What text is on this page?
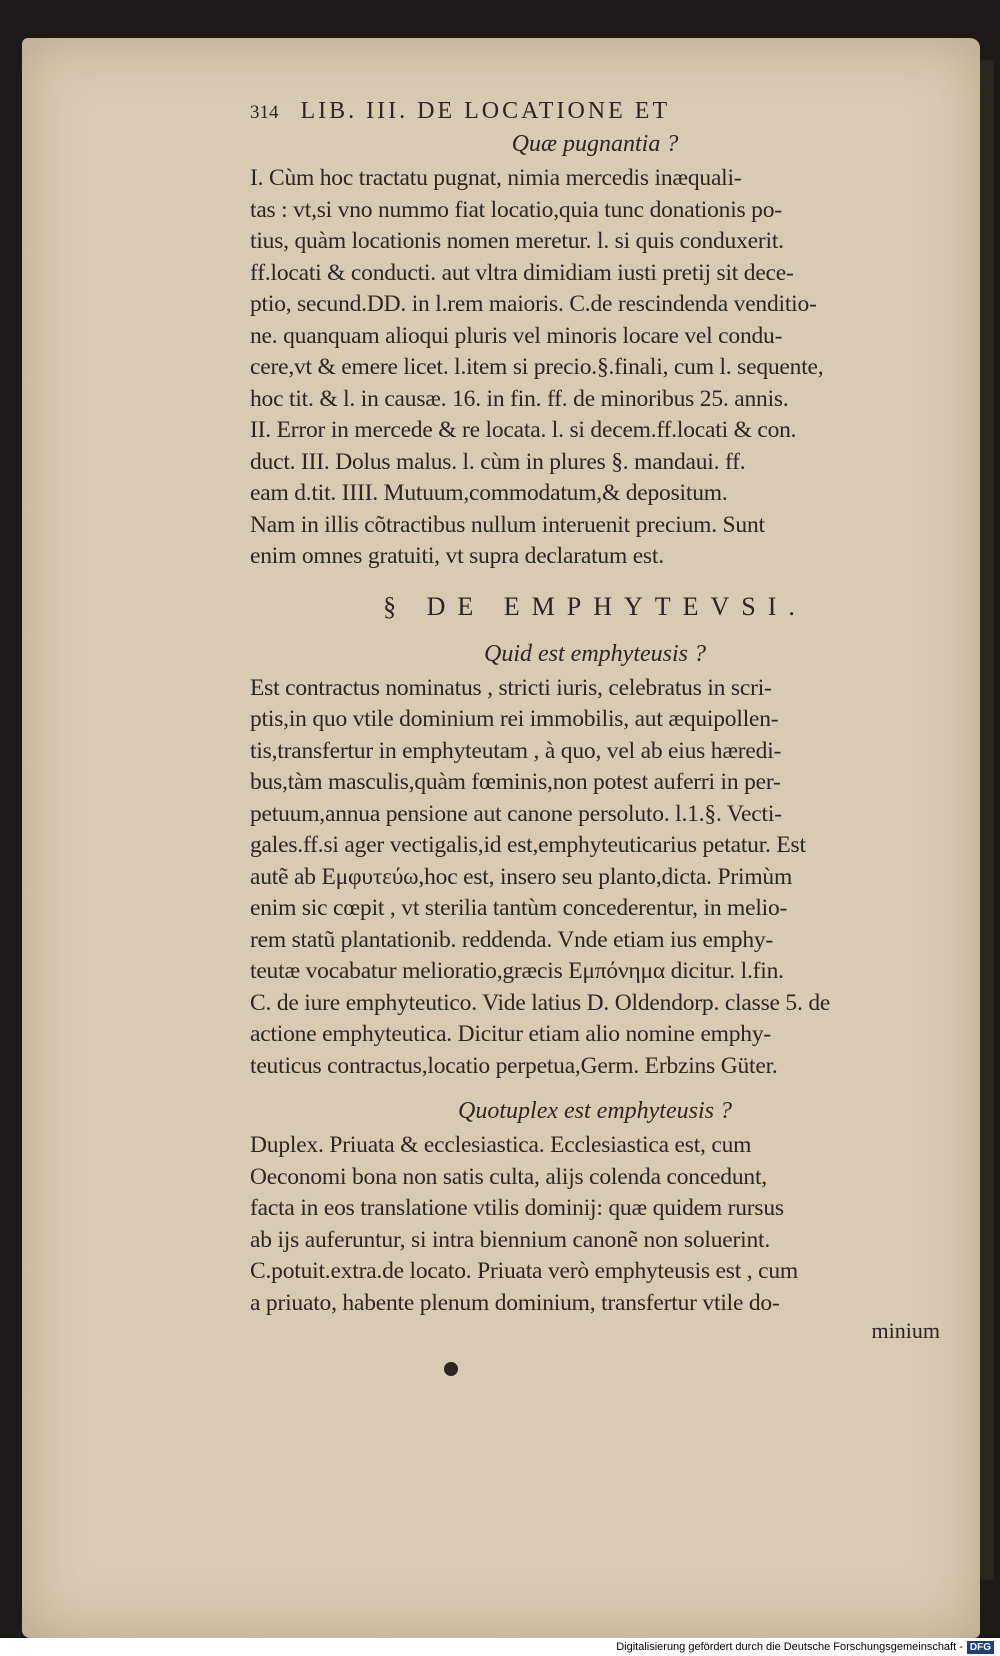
314 LIB. III. DE LOCATIONE ET
Quæ pugnantia ?
I. Cùm hoc tractatu pugnat, nimia mercedis inæquali-
tas : vt,si vno nummo fiat locatio,quia tunc donationis po-
tius, quàm locationis nomen meretur. l. si quis conduxerit.
ff.locati & conducti. aut vltra dimidiam iusti pretij sit dece-
ptio, secund.DD. in l.rem maioris. C.de rescindenda venditio-
ne. quanquam alioqui pluris vel minoris locare vel condu-
cere,vt & emere licet. l.item si precio.§.finali, cum l. sequente,
hoc tit. & l. in causæ. 16. in fin. ff. de minoribus 25. annis.
II. Error in mercede & re locata. l. si decem.ff.locati & con.
duct. III. Dolus malus. l. cùm in plures §. mandaui. ff.
eam d.tit. IIII. Mutuum,commodatum,& depositum.
Nam in illis cõtractibus nullum interuenit precium. Sunt
enim omnes gratuiti, vt supra declaratum est.
§ DE EMPHYTEVSI.
Quid est emphyteusis ?
Est contractus nominatus , stricti iuris, celebratus in scri-
ptis,in quo vtile dominium rei immobilis, aut æquipollen-
tis,transfertur in emphyteutam , à quo, vel ab eius hæredi-
bus,tàm masculis,quàm fœminis,non potest auferri in per-
petuum,annua pensione aut canone persoluto. l.1.§. Vecti-
gales.ff.si ager vectigalis,id est,emphyteuticarius petatur. Est
autẽ ab Εμφυτεύω,hoc est, insero seu planto,dicta. Primùm
enim sic cœpit , vt sterilia tantùm concederentur, in melio-
rem statũ plantationib. reddenda. Vnde etiam ius emphy-
teutæ vocabatur melioratio,græcis Εμπόνημα dicitur. l.fin.
C. de iure emphyteutico. Vide latius D. Oldendorp. classe 5. de
actione emphyteutica. Dicitur etiam alio nomine emphy-
teuticus contractus,locatio perpetua,Germ. Erbzins Güter.
Quotuplex est emphyteusis ?
Duplex. Priuata & ecclesiastica. Ecclesiastica est, cum
Oeconomi bona non satis culta, alijs colenda concedunt,
facta in eos translatione vtilis dominij: quæ quidem rursus
ab ijs auferuntur, si intra biennium canonẽ non soluerint.
C.potuit.extra.de locato. Priuata verò emphyteusis est , cum
a priuato, habente plenum dominium, transfertur vtile do-
minium
Digitalisierung gefördert durch die Deutsche Forschungsgemeinschaft - DFG
